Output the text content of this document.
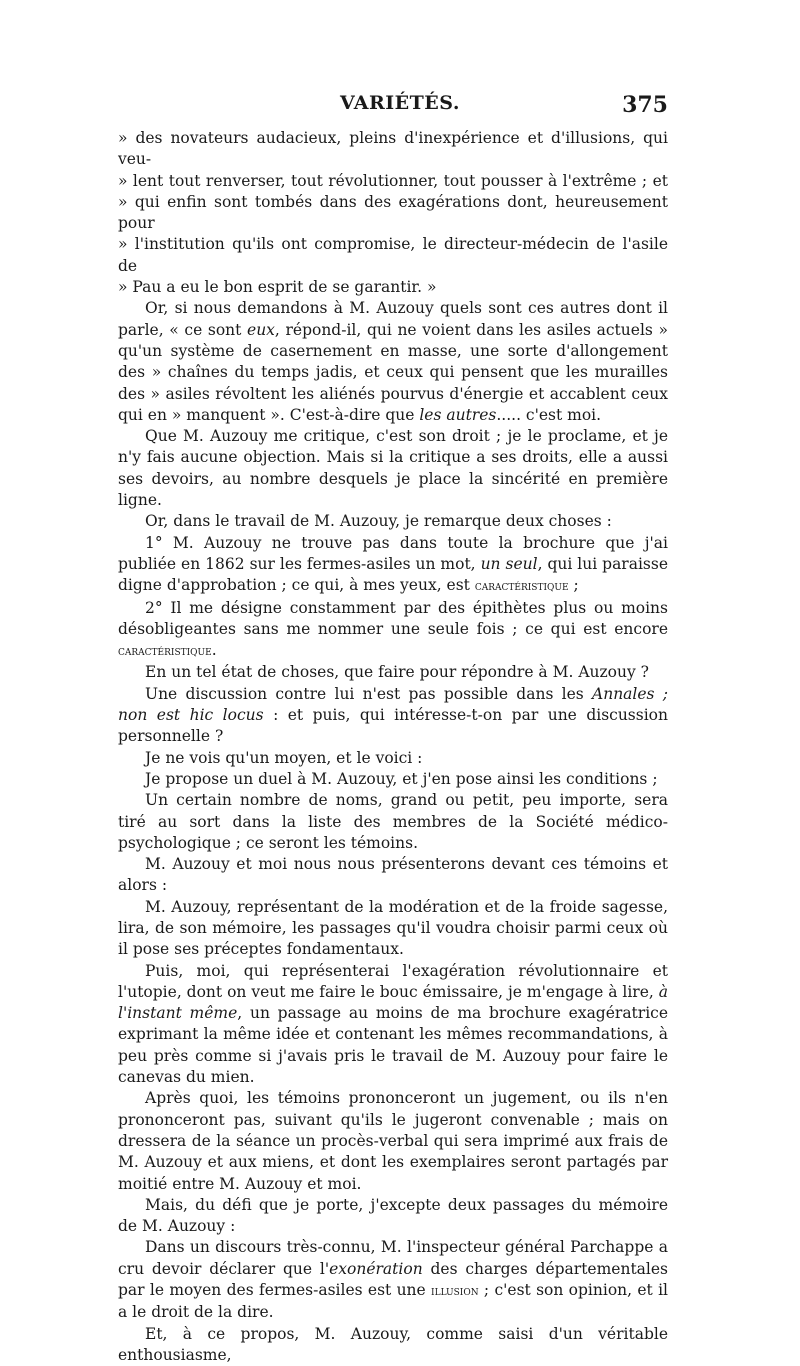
VARIÉTÉS.	375

» des novateurs audacieux, pleins d'inexpérience et d'illusions, qui veu-

» lent tout renverser, tout révolutionner, tout pousser à l'extrême ; et

» qui enfin sont tombés dans des exagérations dont, heureusement pour

» l'institution qu'ils ont compromise, le directeur-médecin de l'asile de

» Pau a eu le bon esprit de se garantir. »

Or, si nous demandons à M. Auzouy quels sont ces autres dont il parle, « ce sont eux, répond-il, qui ne voient dans les asiles actuels » qu'un système de casernement en masse, une sorte d'allongement des » chaînes du temps jadis, et ceux qui pensent que les murailles des » asiles révoltent les aliénés pourvus d'énergie et accablent ceux qui en » manquent ». C'est-à-dire que les autres..... c'est moi.

Que M. Auzouy me critique, c'est son droit ; je le proclame, et je n'y fais aucune objection. Mais si la critique a ses droits, elle a aussi ses devoirs, au nombre desquels je place la sincérité en première ligne.

Or, dans le travail de M. Auzouy, je remarque deux choses :

1° M. Auzouy ne trouve pas dans toute la brochure que j'ai publiée en 1862 sur les fermes-asiles un mot, un seul, qui lui paraisse digne d'approbation ; ce qui, à mes yeux, est caractéristique ;

2° Il me désigne constamment par des épithètes plus ou moins désobligeantes sans me nommer une seule fois ; ce qui est encore caractéristique.

En un tel état de choses, que faire pour répondre à M. Auzouy ?

Une discussion contre lui n'est pas possible dans les Annales ; non est hic locus : et puis, qui intéresse-t-on par une discussion personnelle ?

Je ne vois qu'un moyen, et le voici :

Je propose un duel à M. Auzouy, et j'en pose ainsi les conditions ;

Un certain nombre de noms, grand ou petit, peu importe, sera tiré au sort dans la liste des membres de la Société médico-psychologique ; ce seront les témoins.

M. Auzouy et moi nous nous présenterons devant ces témoins et alors :

M. Auzouy, représentant de la modération et de la froide sagesse, lira, de son mémoire, les passages qu'il voudra choisir parmi ceux où il pose ses préceptes fondamentaux.

Puis, moi, qui représenterai l'exagération révolutionnaire et l'utopie, dont on veut me faire le bouc émissaire, je m'engage à lire, à l'instant même, un passage au moins de ma brochure exagératrice exprimant la même idée et contenant les mêmes recommandations, à peu près comme si j'avais pris le travail de M. Auzouy pour faire le canevas du mien.

Après quoi, les témoins prononceront un jugement, ou ils n'en prononceront pas, suivant qu'ils le jugeront convenable ; mais on dressera de la séance un procès-verbal qui sera imprimé aux frais de M. Auzouy et aux miens, et dont les exemplaires seront partagés par moitié entre M. Auzouy et moi.

Mais, du défi que je porte, j'excepte deux passages du mémoire de M. Auzouy :

Dans un discours très-connu, M. l'inspecteur général Parchappe a cru devoir déclarer que l'exonération des charges départementales par le moyen des fermes-asiles est une illusion ; c'est son opinion, et il a le droit de la dire.

Et, à ce propos, M. Auzouy, comme saisi d'un véritable enthousiasme,
